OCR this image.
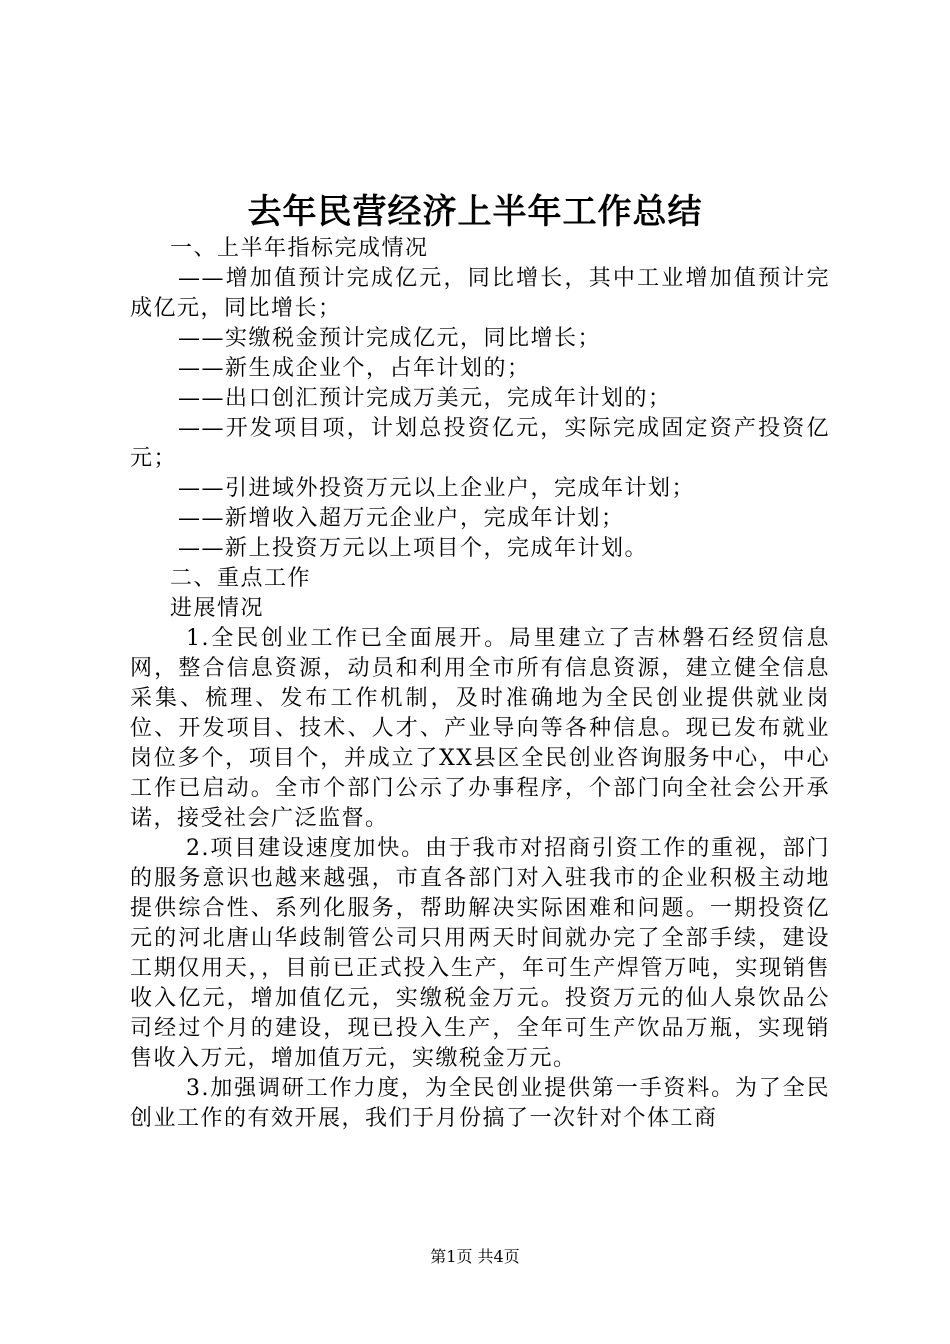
去年民营经济上半年工作总结

一、上半年指标完成情况

——增加值预计完成亿元，同比增长，其中工业增加值预计完成亿元，同比增长；

——实缴税金预计完成亿元，同比增长；

——新生成企业个，占年计划的；

——出口创汇预计完成万美元，完成年计划的；

——开发项目项，计划总投资亿元，实际完成固定资产投资亿元；

——引进域外投资万元以上企业户，完成年计划；

——新增收入超万元企业户，完成年计划；

——新上投资万元以上项目个，完成年计划。

二、重点工作

进展情况

1.全民创业工作已全面展开。局里建立了吉林磐石经贸信息网，整合信息资源，动员和利用全市所有信息资源，建立健全信息采集、梳理、发布工作机制，及时准确地为全民创业提供就业岗位、开发项目、技术、人才、产业导向等各种信息。现已发布就业岗位多个，项目个，并成立了XX县区全民创业咨询服务中心，中心工作已启动。全市个部门公示了办事程序，个部门向全社会公开承诺，接受社会广泛监督。

2.项目建设速度加快。由于我市对招商引资工作的重视，部门的服务意识也越来越强，市直各部门对入驻我市的企业积极主动地提供综合性、系列化服务，帮助解决实际困难和问题。一期投资亿元的河北唐山华歧制管公司只用两天时间就办完了全部手续，建设工期仅用天，，目前已正式投入生产，年可生产焊管万吨，实现销售收入亿元，增加值亿元，实缴税金万元。投资万元的仙人泉饮品公司经过个月的建设，现已投入生产，全年可生产饮品万瓶，实现销售收入万元，增加值万元，实缴税金万元。

3.加强调研工作力度，为全民创业提供第一手资料。为了全民创业工作的有效开展，我们于月份搞了一次针对个体工商

第1页 共4页
